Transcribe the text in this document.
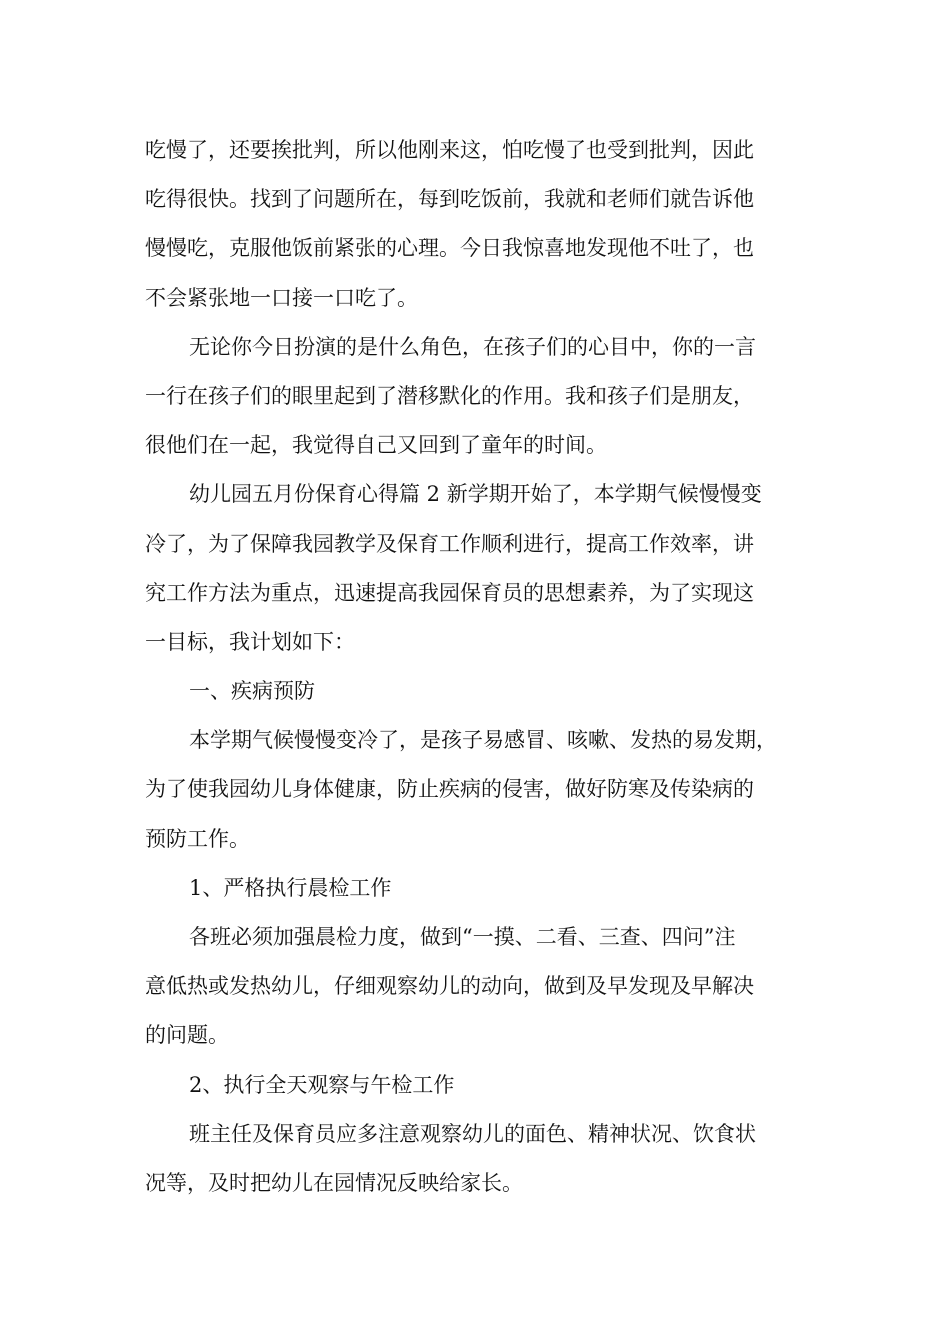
吃慢了，还要挨批判，所以他刚来这，怕吃慢了也受到批判，因此
吃得很快。找到了问题所在，每到吃饭前，我就和老师们就告诉他
慢慢吃，克服他饭前紧张的心理。今日我惊喜地发现他不吐了，也
不会紧张地一口接一口吃了。
无论你今日扮演的是什么角色，在孩子们的心目中，你的一言
一行在孩子们的眼里起到了潜移默化的作用。我和孩子们是朋友，
很他们在一起，我觉得自己又回到了童年的时间。
幼儿园五月份保育心得篇 2 新学期开始了，本学期气候慢慢变
冷了，为了保障我园教学及保育工作顺利进行，提高工作效率，讲
究工作方法为重点，迅速提高我园保育员的思想素养，为了实现这
一目标，我计划如下：
一、疾病预防
本学期气候慢慢变冷了，是孩子易感冒、咳嗽、发热的易发期，
为了使我园幼儿身体健康，防止疾病的侵害，做好防寒及传染病的
预防工作。
1、严格执行晨检工作
各班必须加强晨检力度，做到“一摸、二看、三查、四问”注
意低热或发热幼儿，仔细观察幼儿的动向，做到及早发现及早解决
的问题。
2、执行全天观察与午检工作
班主任及保育员应多注意观察幼儿的面色、精神状况、饮食状
况等，及时把幼儿在园情况反映给家长。
